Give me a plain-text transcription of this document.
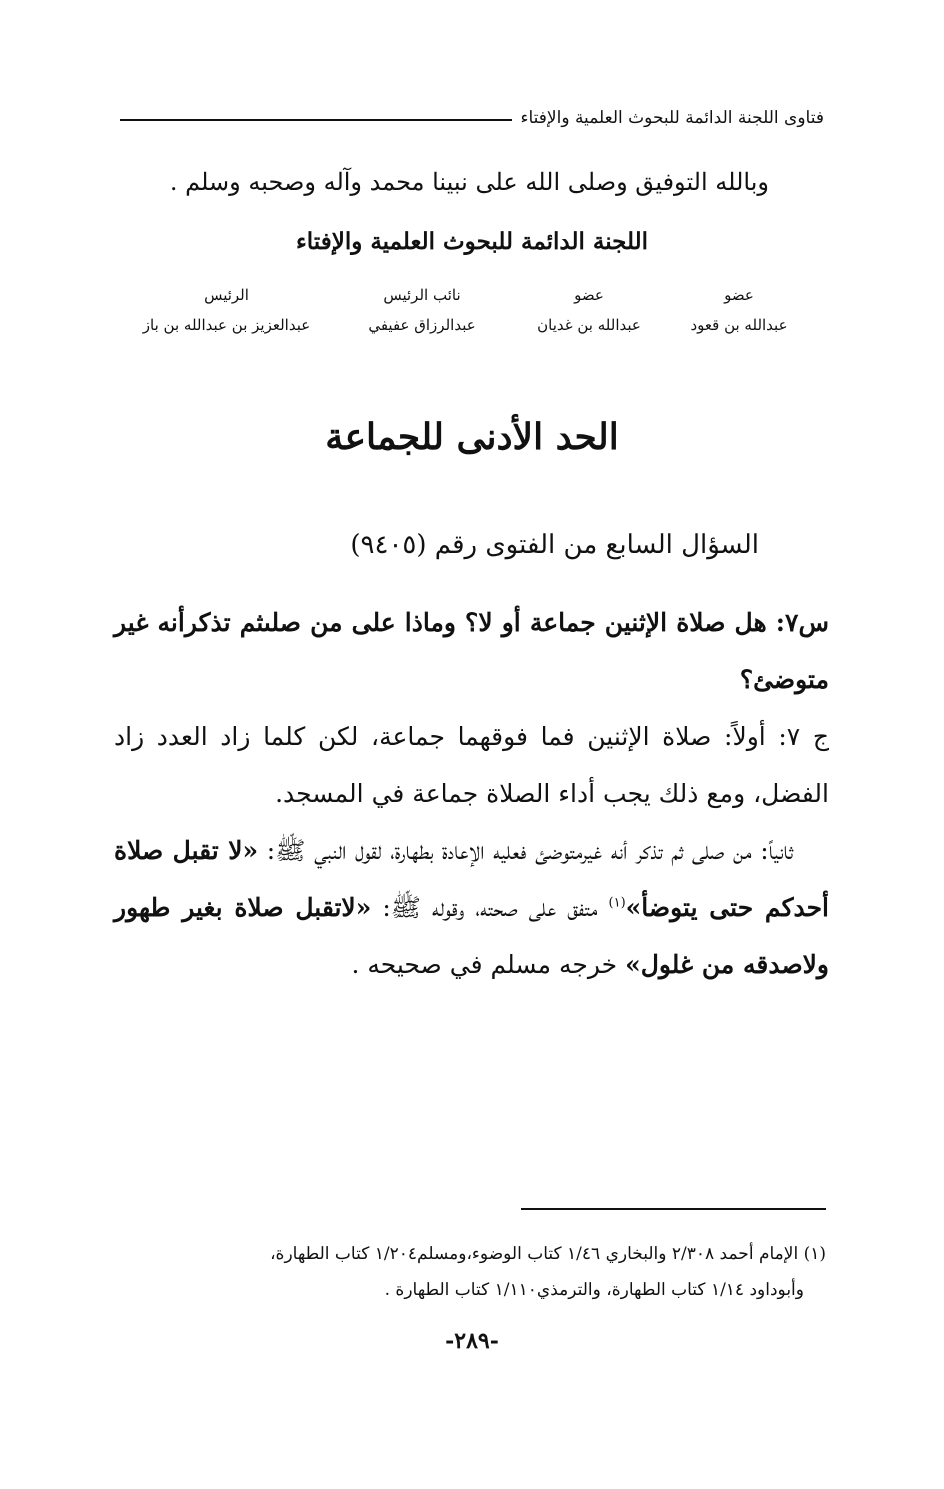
فتاوى اللجنة الدائمة للبحوث العلمية والإفتاء
وبالله التوفيق وصلى الله على نبينا محمد وآله وصحبه وسلم .
اللجنة الدائمة للبحوث العلمية والإفتاء
عضو
عبدالله بن قعود
عضو
عبدالله بن غديان
نائب الرئيس
عبدالرزاق عفيفي
الرئيس
عبدالعزيز بن عبدالله بن باز
الحد الأدنى للجماعة
السؤال السابع من الفتوى رقم (٩٤٠٥)

س٧: هل صلاة الإثنين جماعة أو لا؟ وماذا على من صلىثم تذكرأنه غير متوضئ؟

ج ٧: أولاً: صلاة الإثنين فما فوقهما جماعة، لكن كلما زاد العدد زاد الفضل، ومع ذلك يجب أداء الصلاة جماعة في المسجد.

ثانياً: من صلى ثم تذكر أنه غيرمتوضئ فعليه الإعادة بطهارة، لقول النبي ﷺ: «لا تقبل صلاة أحدكم حتى يتوضأ»$^{(١)}$ متفق على صحته، وقوله ﷺ: «لاتقبل صلاة بغير طهور ولاصدقه من غلول» خرجه مسلم في صحيحه .

(١) الإمام أحمد ٢/٣٠٨ والبخاري ١/٤٦ كتاب الوضوء،ومسلم١/٢٠٤ كتاب الطهارة،

وأبوداود ١/١٤ كتاب الطهارة، والترمذي١/١١٠ كتاب الطهارة .

-٢٨٩-
